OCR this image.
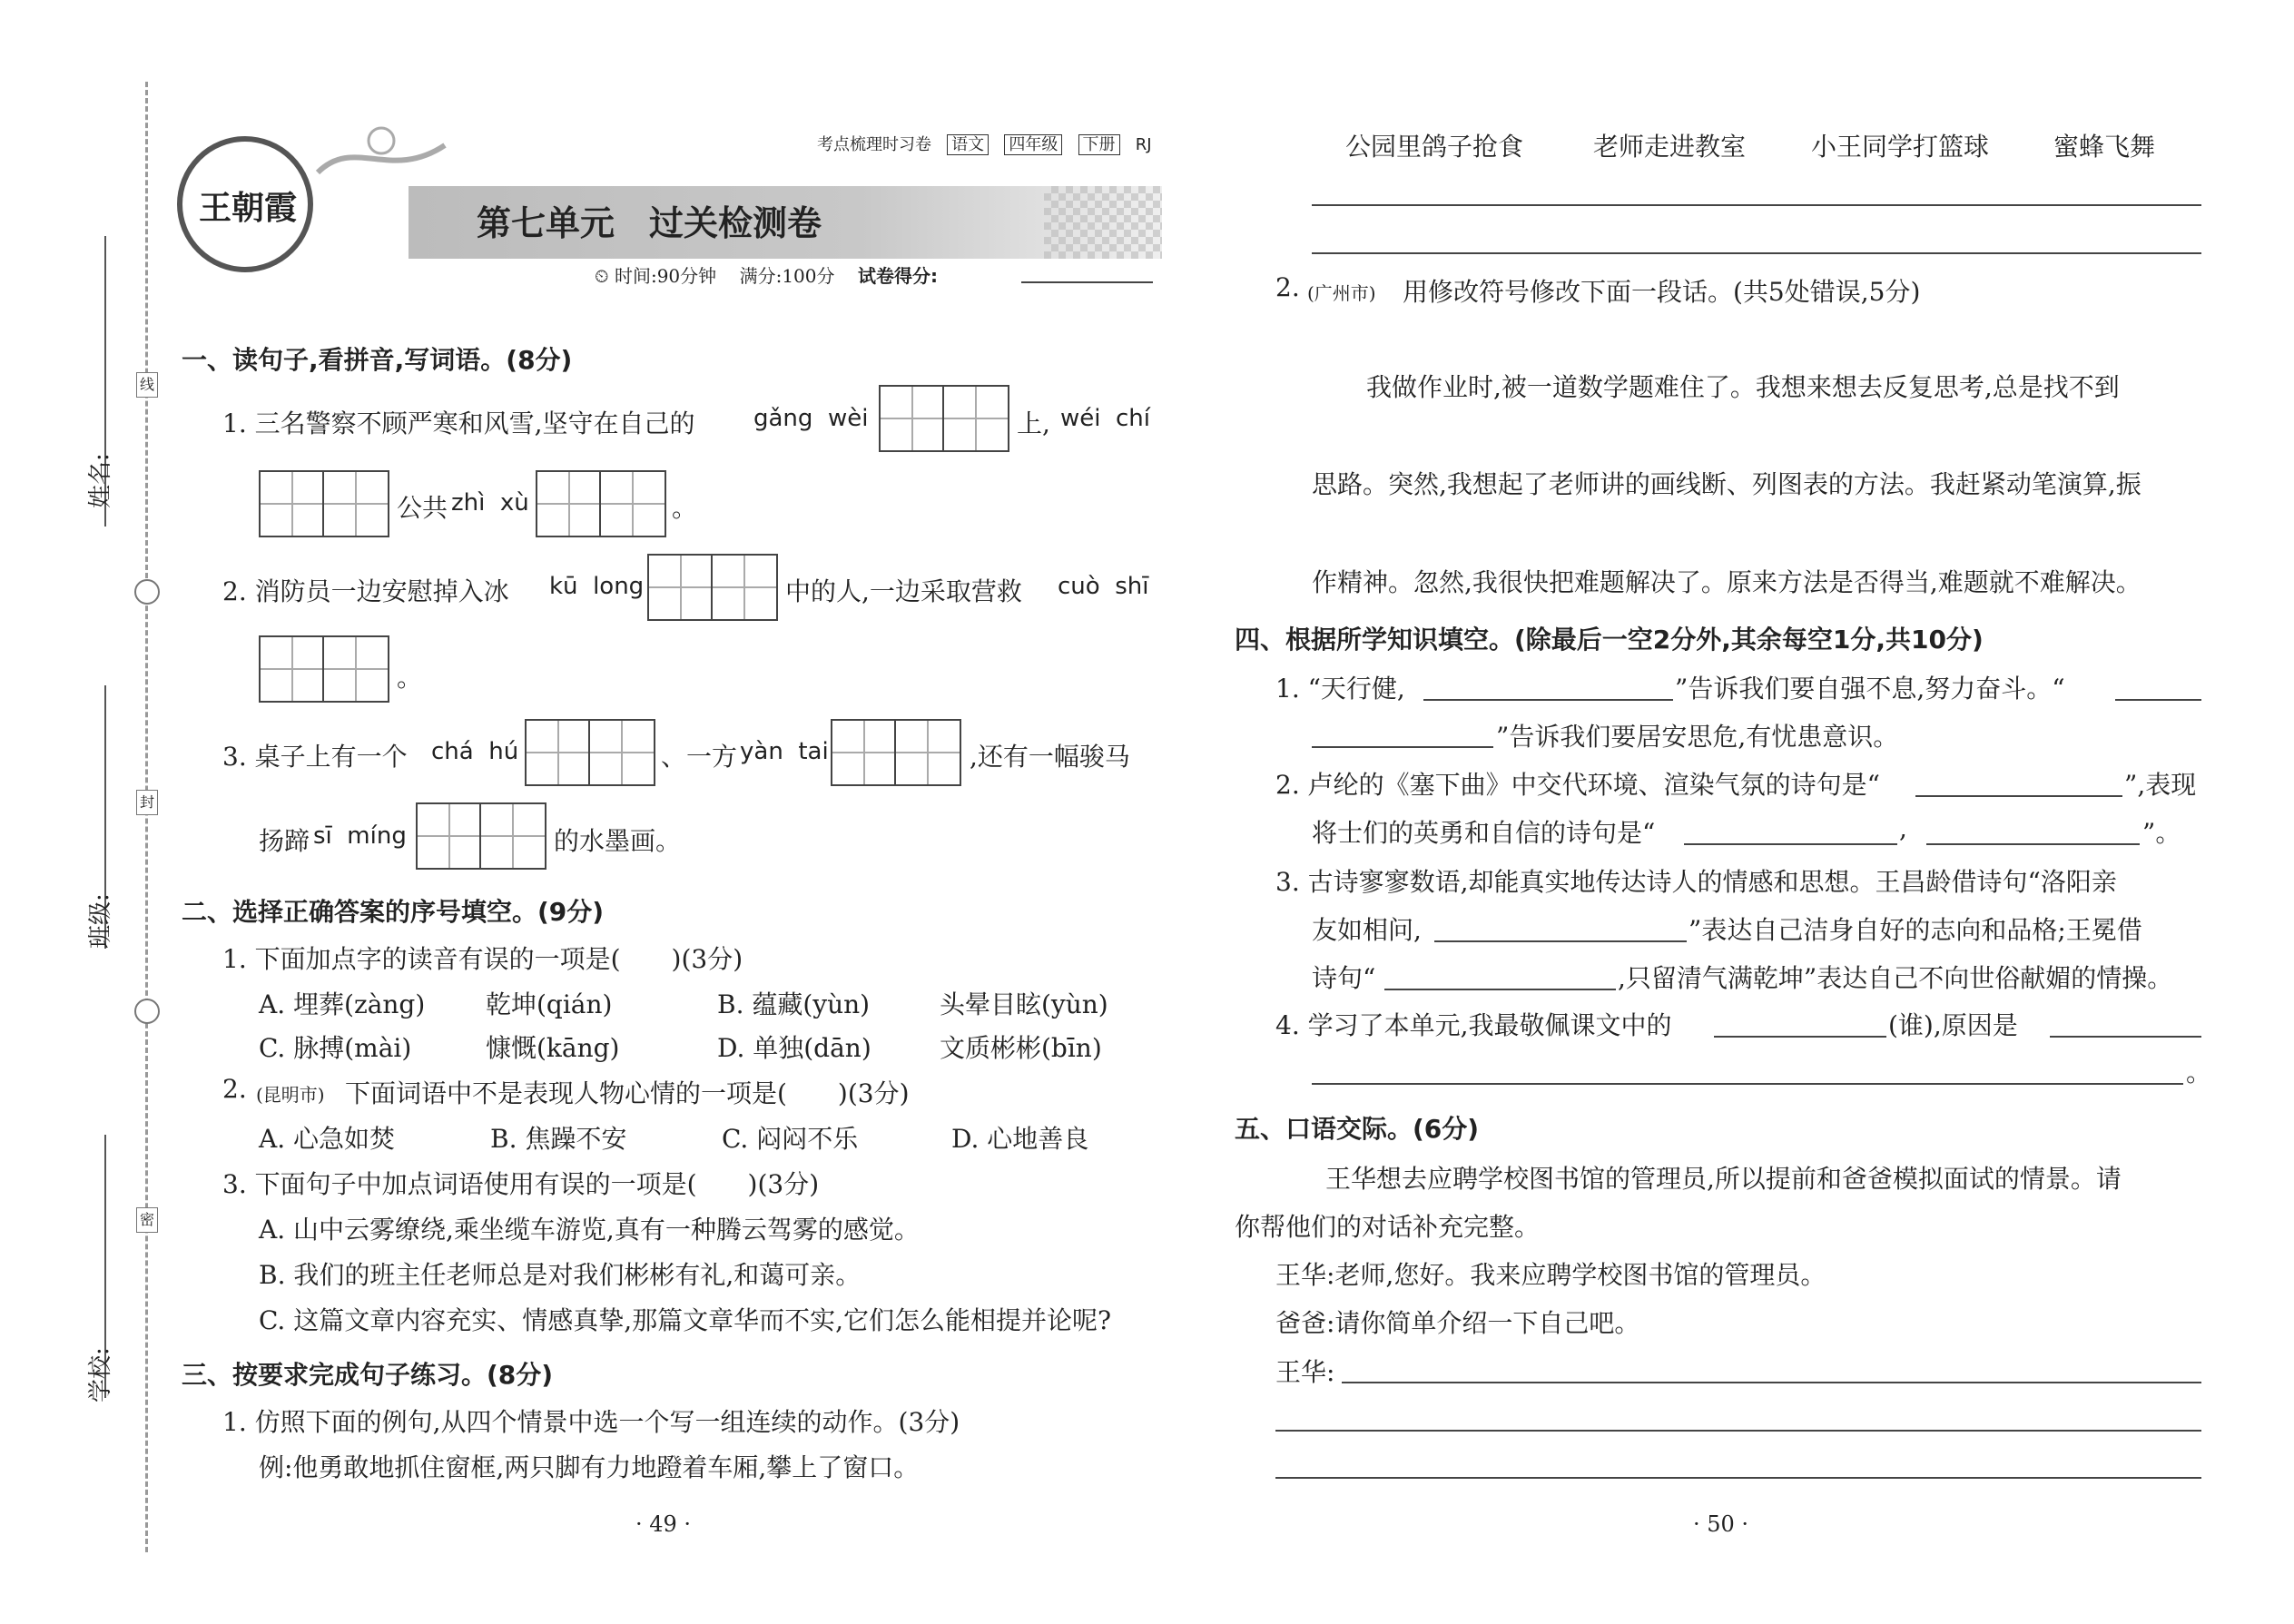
姓名:
班级:
学校:
线
封
密
王朝霞
考点梳理时习卷 语文 四年级 下册 RJ
第七单元　过关检测卷
⏲ 时间:90分钟 满分:100分 试卷得分:
一、读句子,看拼音,写词语。(8分)
1. 三名警察不顾严寒和风雪,坚守在自己的 gǎng  wèi	上, wéi  chí
公共 zhì  xù	。
2. 消防员一边安慰掉入冰 kū  long	中的人,一边采取营救 cuò  shī
。
3. 桌子上有一个 chá  hú	、一方 yàn  tai	,还有一幅骏马
扬蹄 sī  míng	的水墨画。
二、选择正确答案的序号填空。(9分)
1. 下面加点字的读音有误的一项是(　　)(3分)
A. 埋葬(zàng) 乾坤(qián)	B. 蕴藏(yùn)	头晕目眩(yùn)
C. 脉搏(mài)	慷慨(kāng)	D. 单独(dān)	文质彬彬(bīn)
2. (昆明市) 下面词语中不是表现人物心情的一项是(　　)(3分)
A. 心急如焚	B. 焦躁不安	C. 闷闷不乐	D. 心地善良
3. 下面句子中加点词语使用有误的一项是(　　)(3分)
A. 山中云雾缭绕,乘坐缆车游览,真有一种腾云驾雾的感觉。
B. 我们的班主任老师总是对我们彬彬有礼,和蔼可亲。
C. 这篇文章内容充实、情感真挚,那篇文章华而不实,它们怎么能相提并论呢?
三、按要求完成句子练习。(8分)
1. 仿照下面的例句,从四个情景中选一个写一组连续的动作。(3分)
例:他勇敢地抓住窗框,两只脚有力地蹬着车厢,攀上了窗口。
· 49 ·
公园里鸽子抢食	老师走进教室	小王同学打篮球	蜜蜂飞舞
2. (广州市) 用修改符号修改下面一段话。(共5处错误,5分)
我做作业时,被一道数学题难住了。我想来想去反复思考,总是找不到
思路。突然,我想起了老师讲的画线断、列图表的方法。我赶紧动笔演算,振
作精神。忽然,我很快把难题解决了。原来方法是否得当,难题就不难解决。
四、根据所学知识填空。(除最后一空2分外,其余每空1分,共10分)
1. “天行健,	”告诉我们要自强不息,努力奋斗。“
”告诉我们要居安思危,有忧患意识。
2. 卢纶的《塞下曲》中交代环境、渲染气氛的诗句是“	”,表现
将士们的英勇和自信的诗句是“	,	”。
3. 古诗寥寥数语,却能真实地传达诗人的情感和思想。王昌龄借诗句“洛阳亲
友如相问,	”表达自己洁身自好的志向和品格;王冕借
诗句“	,只留清气满乾坤”表达自己不向世俗献媚的情操。
4. 学习了本单元,我最敬佩课文中的	(谁),原因是
。
五、口语交际。(6分)
王华想去应聘学校图书馆的管理员,所以提前和爸爸模拟面试的情景。请
你帮他们的对话补充完整。
王华:老师,您好。我来应聘学校图书馆的管理员。
爸爸:请你简单介绍一下自己吧。
王华:
· 50 ·
